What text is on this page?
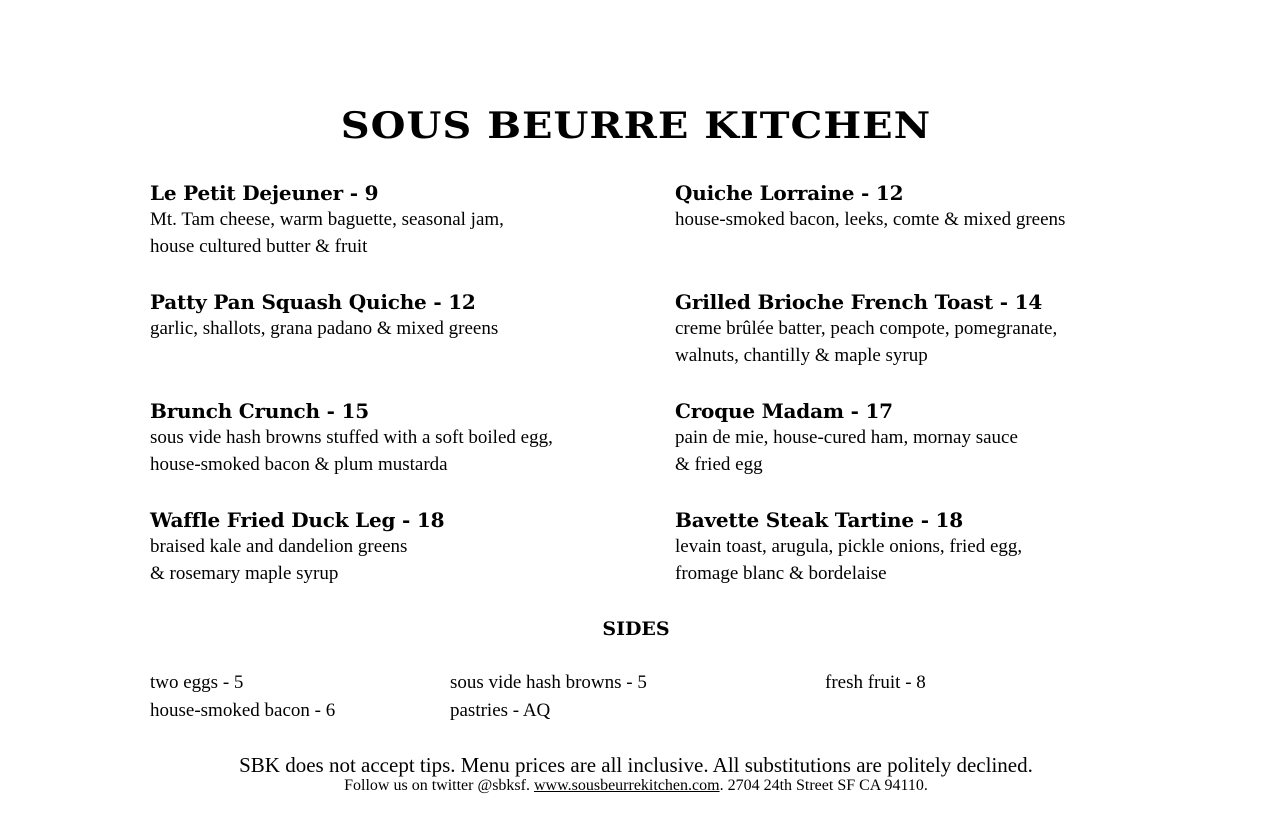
SOUS BEURRE KITCHEN
Le Petit Dejeuner - 9
Mt. Tam cheese, warm baguette, seasonal jam,
house cultured butter & fruit
Quiche Lorraine - 12
house-smoked bacon, leeks, comte & mixed greens
Patty Pan Squash Quiche - 12
garlic, shallots, grana padano & mixed greens
Grilled Brioche French Toast - 14
creme brûlée batter, peach compote, pomegranate,
walnuts, chantilly & maple syrup
Brunch Crunch - 15
sous vide hash browns stuffed with a soft boiled egg,
house-smoked bacon & plum mustarda
Croque Madam - 17
pain de mie, house-cured ham, mornay sauce
& fried egg
Waffle Fried Duck Leg - 18
braised kale and dandelion greens
& rosemary maple syrup
Bavette Steak Tartine - 18
levain toast, arugula, pickle onions, fried egg,
fromage blanc & bordelaise
SIDES
two eggs - 5	sous vide hash browns - 5	fresh fruit - 8
house-smoked bacon - 6	pastries - AQ
SBK does not accept tips. Menu prices are all inclusive. All substitutions are politely declined.
Follow us on twitter @sbksf. www.sousbeurrekitchen.com. 2704 24th Street SF CA 94110.
